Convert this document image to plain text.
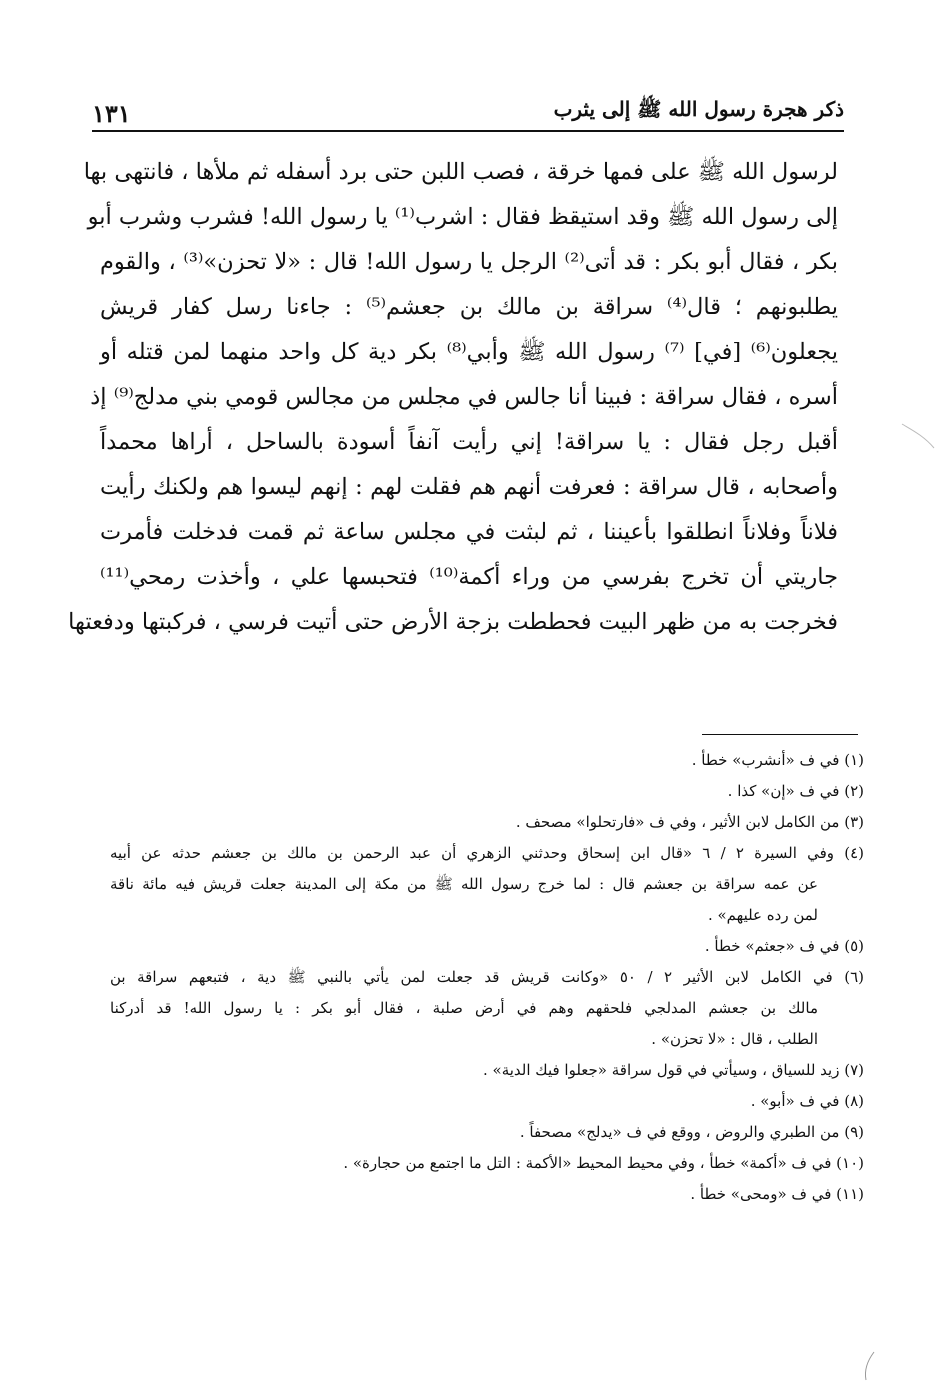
ذكر هجرة رسول الله ﷺ إلى يثرب
١٣١
لرسول الله ﷺ على فمها خرقة ، فصب اللبن حتى برد أسفله ثم ملأها ، فانتهى بها
إلى رسول الله ﷺ وقد استيقظ فقال : اشرب⁽¹⁾ يا رسول الله! فشرب وشرب أبو
بكر ، فقال أبو بكر : قد أتى⁽²⁾ الرجل يا رسول الله! قال : «لا تحزن»⁽³⁾ ، والقوم
يطلبونهم ؛ قال⁽⁴⁾ سراقة بن مالك بن جعشم⁽⁵⁾ : جاءنا رسل كفار قريش
يجعلون⁽⁶⁾ [في] ⁽⁷⁾ رسول الله ﷺ وأبي⁽⁸⁾ بكر دية كل واحد منهما لمن قتله أو
أسره ، فقال سراقة : فبينا أنا جالس في مجلس من مجالس قومي بني مدلج⁽⁹⁾ إذ
أقبل رجل فقال : يا سراقة! إني رأيت آنفاً أسودة بالساحل ، أراها محمداً
وأصحابه ، قال سراقة : فعرفت أنهم هم فقلت لهم : إنهم ليسوا هم ولكنك رأيت
فلاناً وفلاناً انطلقوا بأعيننا ، ثم لبثت في مجلس ساعة ثم قمت فدخلت فأمرت
جاريتي أن تخرج بفرسي من وراء أكمة⁽¹⁰⁾ فتحبسها علي ، وأخذت رمحي⁽¹¹⁾
فخرجت به من ظهر البيت فحططت بزجة الأرض حتى أتيت فرسي ، فركبتها ودفعتها
(١) في ف «أنشرب» خطأ .
(٢) في ف «إن» كذا .
(٣) من الكامل لابن الأثير ، وفي ف «فارتحلوا» مصحف .
(٤) وفي السيرة ٢ / ٦ «قال ابن إسحاق وحدثني الزهري أن عبد الرحمن بن مالك بن جعشم حدثه عن أبيه
عن عمه سراقة بن جعشم قال : لما خرج رسول الله ﷺ من مكة إلى المدينة جعلت قريش فيه مائة ناقة
لمن رده عليهم» .
(٥) في ف «جعثم» خطأ .
(٦) في الكامل لابن الأثير ٢ / ٥٠ «وكانت قريش قد جعلت لمن يأتي بالنبي ﷺ دية ، فتبعهم سراقة بن
مالك بن جعشم المدلجي فلحقهم وهم في أرض صلبة ، فقال أبو بكر : يا رسول الله! قد أدركنا
الطلب ، قال : «لا تحزن» .
(٧) زيد للسياق ، وسيأتي في قول سراقة «جعلوا فيك الدية» .
(٨) في ف «أبو» .
(٩) من الطبري والروض ، ووقع في ف «يدلج» مصحفاً .
(١٠) في ف «أكمة» خطأ ، وفي محيط المحيط «الأكمة : التل ما اجتمع من حجارة» .
(١١) في ف «ومحى» خطأ .
